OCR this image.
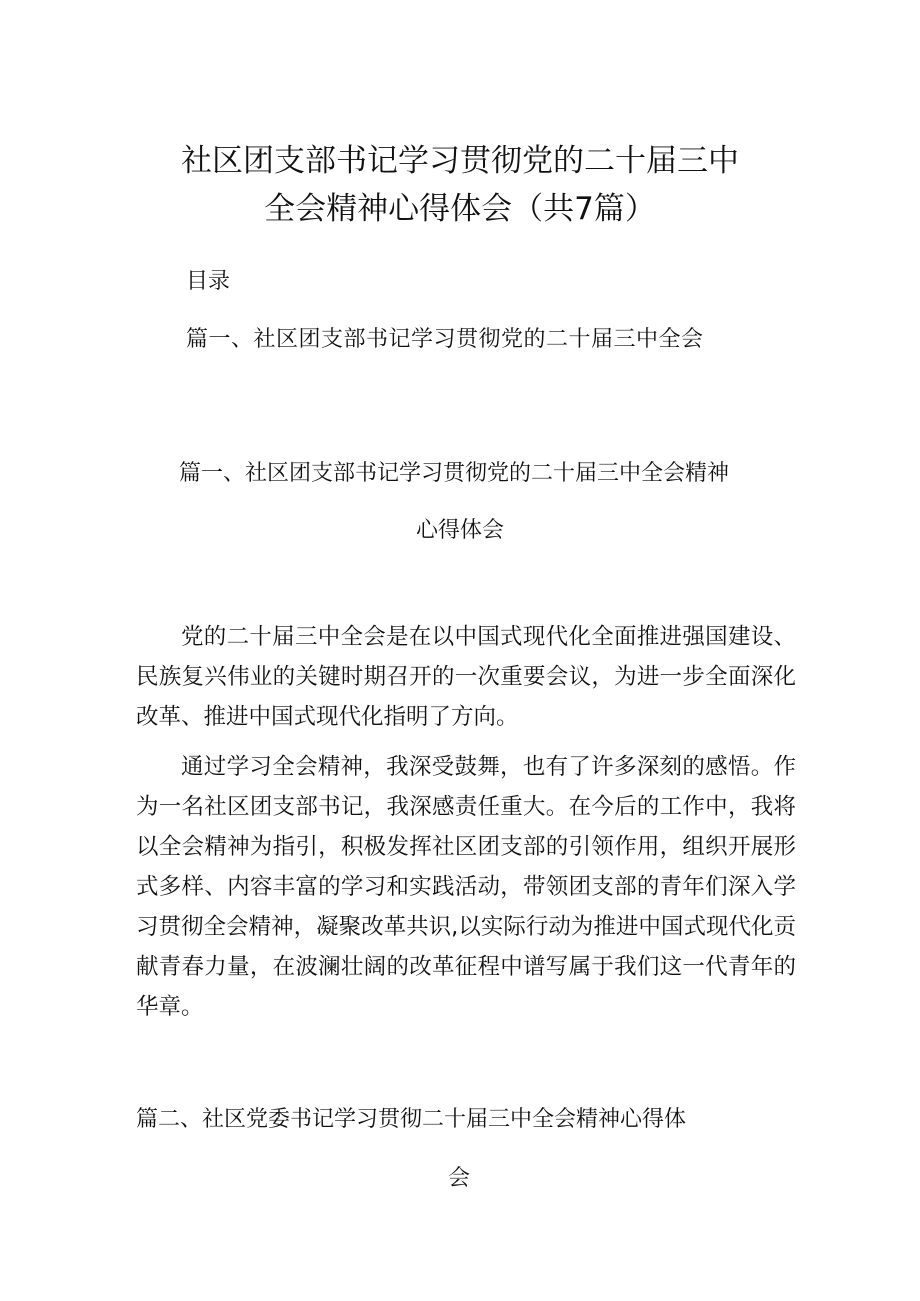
社区团支部书记学习贯彻党的二十届三中
全会精神心得体会（共7篇）
目录
篇一、社区团支部书记学习贯彻党的二十届三中全会
篇一、社区团支部书记学习贯彻党的二十届三中全会精神
心得体会

党的二十届三中全会是在以中国式现代化全面推进强国建设、民族复兴伟业的关键时期召开的一次重要会议，为进一步全面深化改革、推进中国式现代化指明了方向。

通过学习全会精神，我深受鼓舞，也有了许多深刻的感悟。作为一名社区团支部书记，我深感责任重大。在今后的工作中，我将以全会精神为指引，积极发挥社区团支部的引领作用，组织开展形式多样、内容丰富的学习和实践活动，带领团支部的青年们深入学习贯彻全会精神，凝聚改革共识,以实际行动为推进中国式现代化贡献青春力量，在波澜壮阔的改革征程中谱写属于我们这一代青年的华章。

篇二、社区党委书记学习贯彻二十届三中全会精神心得体
会
